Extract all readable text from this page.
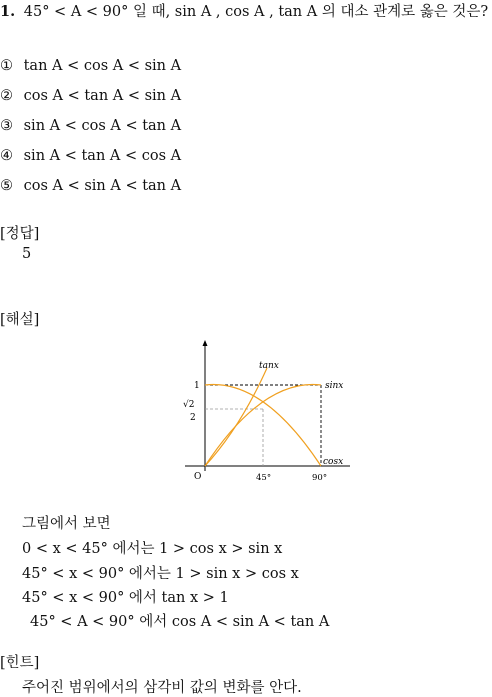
1. 45° < A < 90° 일 때, sin A , cos A , tan A 의 대소 관계로 옳은 것은?
① tan A < cos A < sin A
② cos A < tan A < sin A
③ sin A < cos A < tan A
④ sin A < tan A < cos A
⑤ cos A < sin A < tan A
[정답]
5
[해설]
tanx
sinx
cosx
1
√2
2
O	45°	90°
그림에서 보면
0 < x < 45° 에서는 1 > cos x > sin x
45° < x < 90° 에서는 1 > sin x > cos x
45° < x < 90° 에서 tan x > 1
45° < A < 90° 에서 cos A < sin A < tan A
[힌트]
주어진 범위에서의 삼각비 값의 변화를 안다.
